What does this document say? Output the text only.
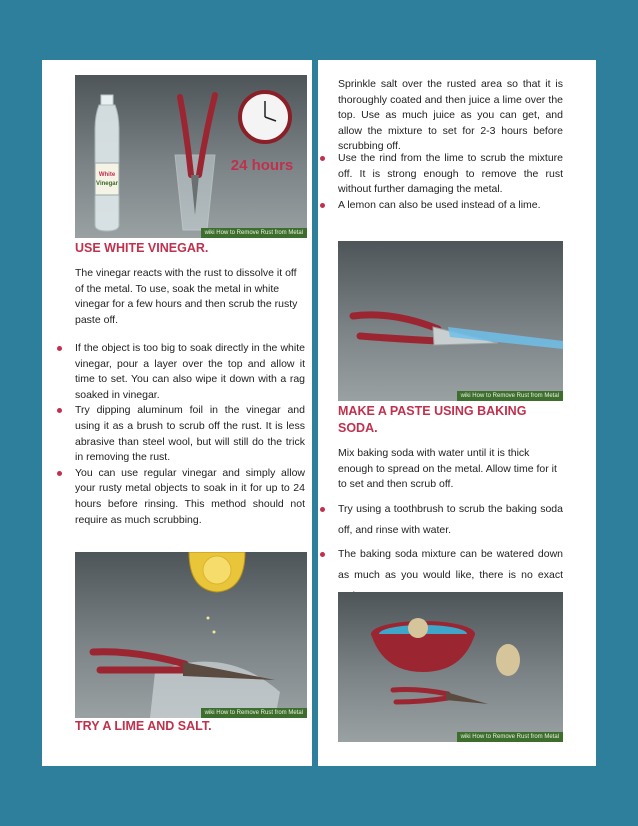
White
Vinegar
24 hours
wiki How to Remove Rust from Metal
USE WHITE VINEGAR.
The vinegar reacts with the rust to dissolve it off of the metal. To use, soak the metal in white vinegar for a few hours and then scrub the rusty paste off.
If the object is too big to soak directly in the white vinegar, pour a layer over the top and allow it time to set. You can also wipe it down with a rag soaked in vinegar.
Try dipping aluminum foil in the vinegar and using it as a brush to scrub off the rust. It is less abrasive than steel wool, but will still do the trick in removing the rust.
You can use regular vinegar and simply allow your rusty metal objects to soak in it for up to 24 hours before rinsing. This method should not require as much scrubbing.
wiki How to Remove Rust from Metal
TRY A LIME AND SALT.
Sprinkle salt over the rusted area so that it is thoroughly coated and then juice a lime over the top. Use as much juice as you can get, and allow the mixture to set for 2-3 hours before scrubbing off.
Use the rind from the lime to scrub the mixture off. It is strong enough to remove the rust without further damaging the metal.
A lemon can also be used instead of a lime.
wiki How to Remove Rust from Metal
MAKE A PASTE USING BAKING SODA.
Mix baking soda with water until it is thick enough to spread on the metal. Allow time for it to set and then scrub off.
Try using a toothbrush to scrub the baking soda off, and rinse with water.
The baking soda mixture can be watered down as much as you would like, there is no exact
wiki How to Remove Rust from Metal
